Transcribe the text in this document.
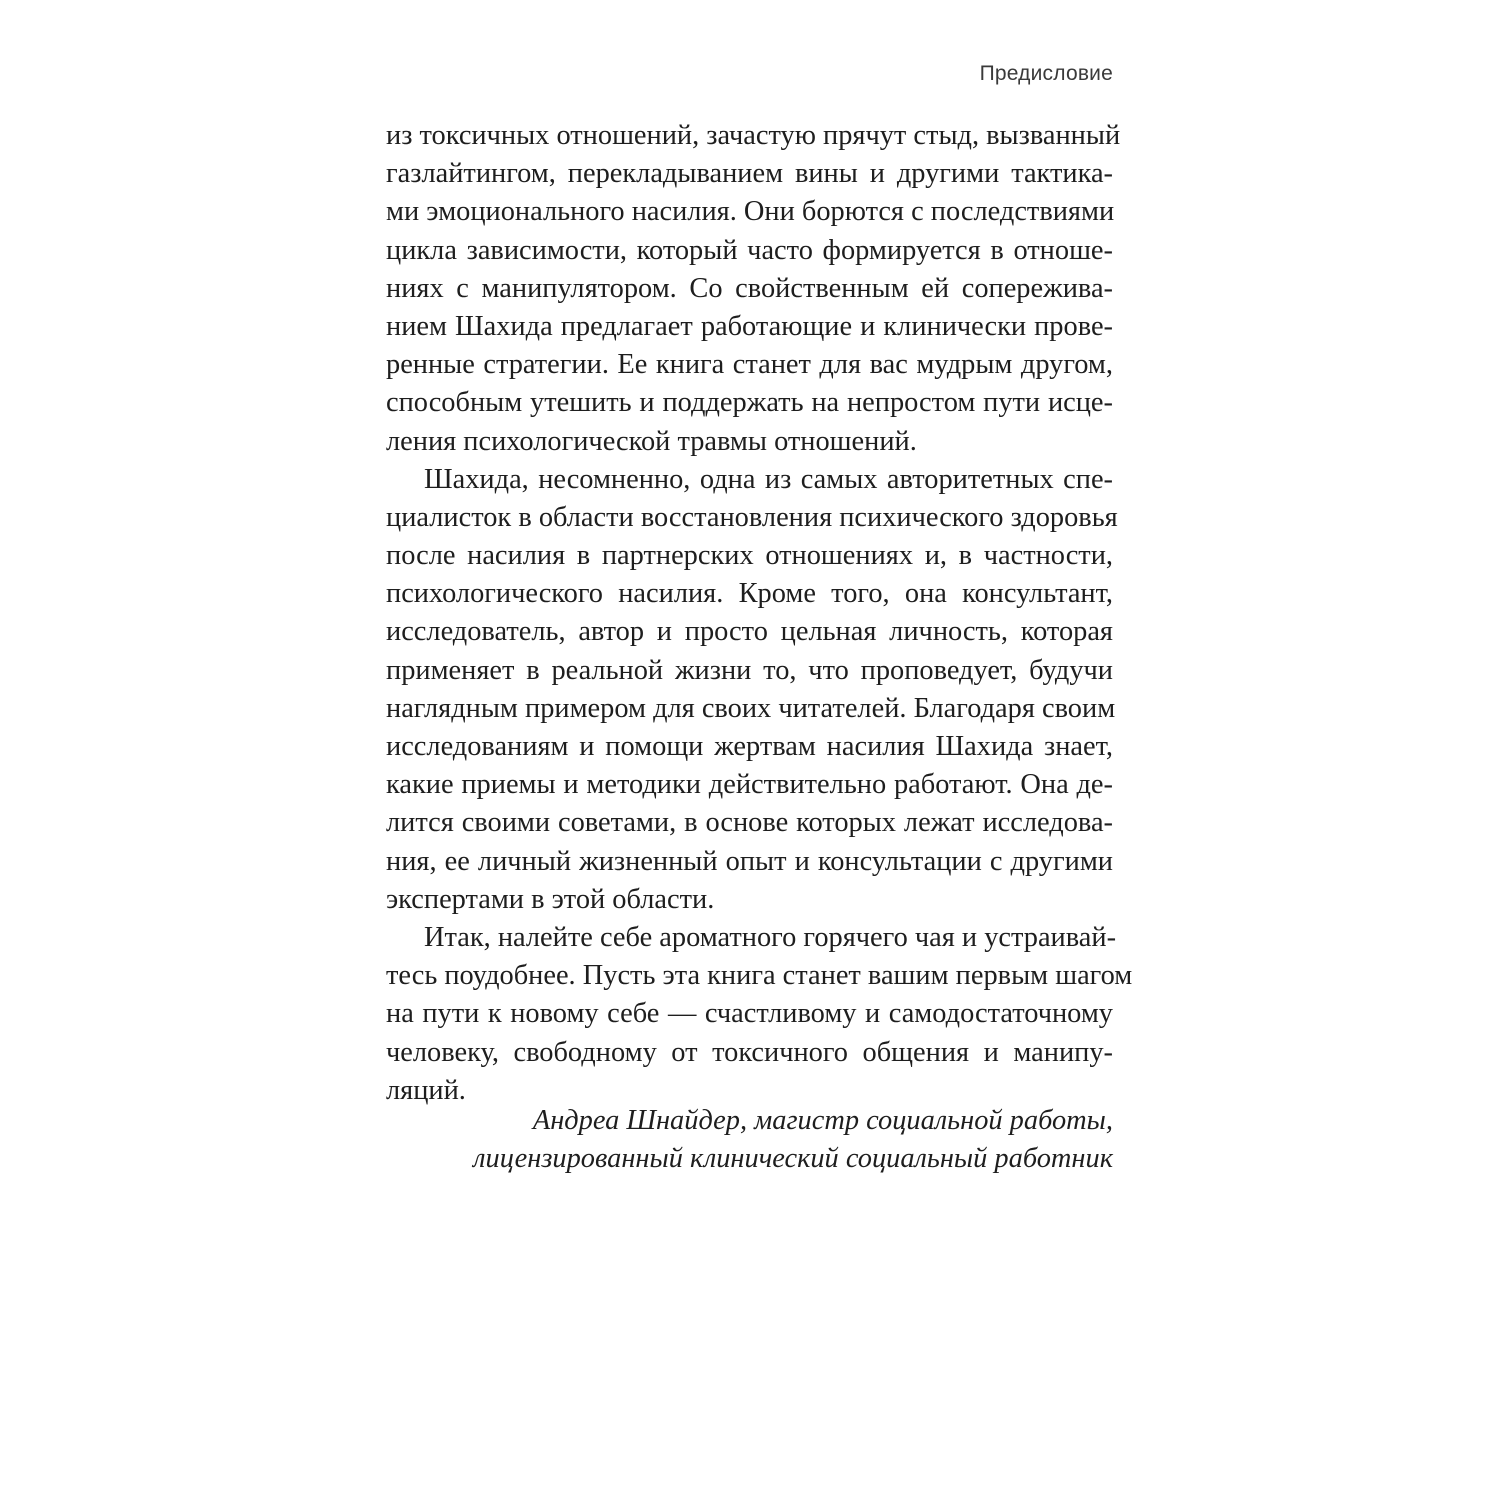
Предисловие
из токсичных отношений, зачастую прячут стыд, вызванный
газлайтингом, перекладыванием вины и другими тактика-
ми эмоционального насилия. Они борются с последствиями
цикла зависимости, который часто формируется в отноше-
ниях с манипулятором. Со свойственным ей сопережива-
нием Шахида предлагает работающие и клинически прове-
ренные стратегии. Ее книга станет для вас мудрым другом,
способным утешить и поддержать на непростом пути исце-
ления психологической травмы отношений.
Шахида, несомненно, одна из самых авторитетных спе-
циалисток в области восстановления психического здоровья
после насилия в партнерских отношениях и, в частности,
психологического насилия. Кроме того, она консультант,
исследователь, автор и просто цельная личность, которая
применяет в реальной жизни то, что проповедует, будучи
наглядным примером для своих читателей. Благодаря своим
исследованиям и помощи жертвам насилия Шахида знает,
какие приемы и методики действительно работают. Она де-
лится своими советами, в основе которых лежат исследова-
ния, ее личный жизненный опыт и консультации с другими
экспертами в этой области.
Итак, налейте себе ароматного горячего чая и устраивай-
тесь поудобнее. Пусть эта книга станет вашим первым шагом
на пути к новому себе — счастливому и самодостаточному
человеку, свободному от токсичного общения и манипу-
ляций.
Андреа Шнайдер, магистр социальной работы,
лицензированный клинический социальный работник
